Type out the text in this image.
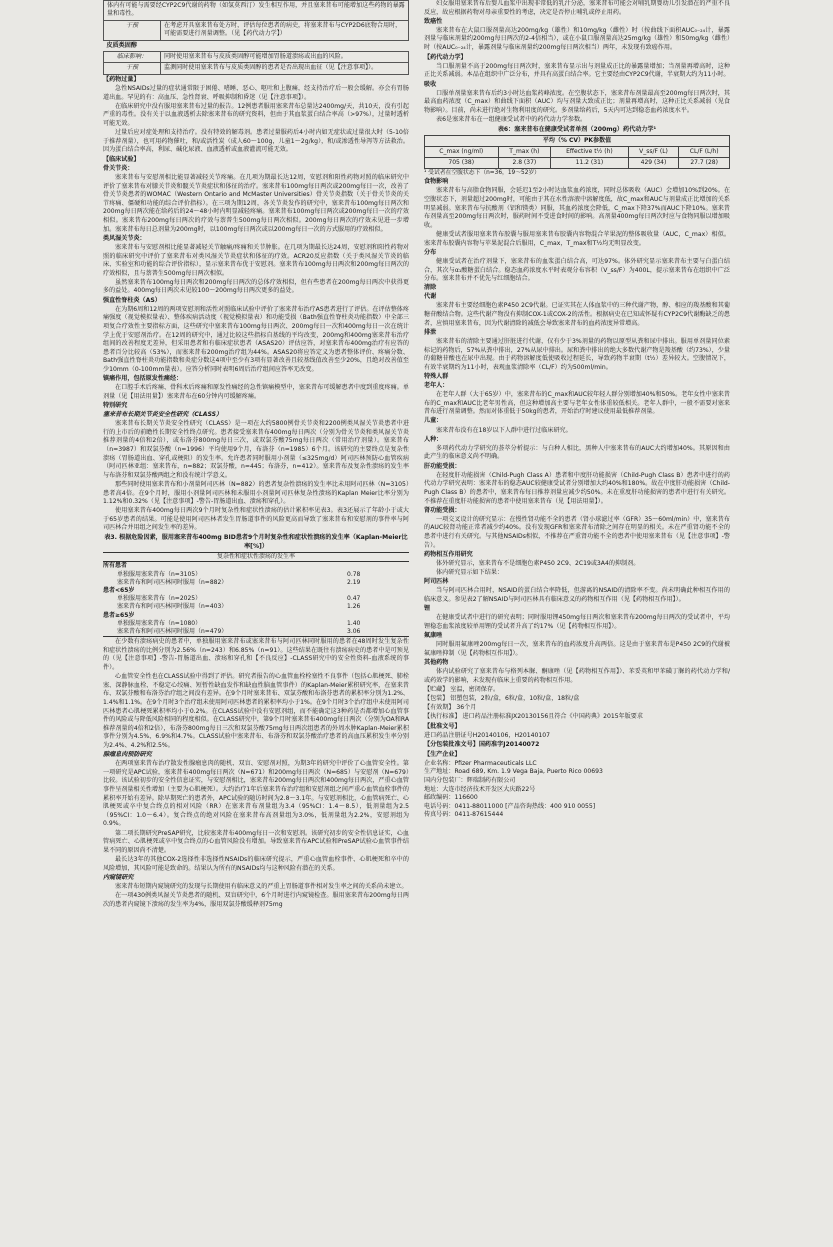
体内有可能与需要经CYP2C9代谢的药物（如氢莫西汀）发生相互作用，并且塞来昔布可能增加这些药物的暴露量和毒性。	
干预	在考虑开具塞来昔布处方时，评估每位患者的病史，将塞来昔布与CYP2D6底物合用时，可能需要进行剂量调整。（见【药代动力学】）
皮质类固醇	
临床影响：	同时使用塞来昔布与皮质类固醇可能增加胃肠道溃疡或出血的风险。
干预	监测同时使用塞来昔布与皮质类固醇的患者是否出现出血征（见【注意事项】）。
【药物过量】

急性NSAIDs过量的症状通常限于困倦、嗜睡、恶心、呕吐和上腹痛，经支持治疗后一般会缓解。亦会有胃肠道出血。罕见的有：高血压、急性肾衰、呼吸抑制和昏迷（见【注意事项】）。

在临床研究中没有服用塞来昔布过量的报告。12例患者服用塞来昔布总量达2400mg/天，共10天，没有引起严重的毒性。没有关于以血液透析去除塞来昔布的研究资料，但由于其血浆蛋白结合率高（>97%），过量时透析可能无效。

过量后应对症处理和支持治疗。没有特效的解毒剂。患者过量服药后4小时内如无症状或过量很大时（5-10倍于推荐剂量），也可用药物催吐，和/或活性炭（成人60～100g，儿童1～2g/kg），和/或渗透性导泻等方法救治。因为蛋白结合率高，利尿、碱化尿液、血液透析或血液灌流可能无效。

【临床试验】
骨关节炎：

塞来昔布与安慰剂相比能显著减轻关节疼痛。在几项为期最长达12周，安慰剂和阳性药物对照的临床研究中评价了塞来昔布对膝关节炎和髋关节炎症状和体征的治疗。塞来昔布100mg每日两次或200mg每日一次，改善了骨关节炎患者的WOMAC（Western Ontario and McMaster Universities）骨关节炎指数（关于骨关节炎的关节疼痛、僵硬和功能的综合评价指标）。在三项为期12周，各关节炎发作的研究中，塞来昔布100mg每日两次和200mg每日两次能在给药后的24～48小时内明显减轻疼痛。塞来昔布100mg每日两次或200mg每日一次的疗效相似。塞来昔布200mg每日两次的疗效与萘普生500mg每日两次相似。200mg每日两次的疗效未见进一步增加。塞来昔布每日总剂量为200mg时，以100mg每日两次或以200mg每日一次的方式服用的疗效相似。

类风湿关节炎：

塞来昔布与安慰剂相比能显著减轻关节触痛/疼痛和关节肿胀。在几项为期最长达24周，安慰剂和阳性药物对照的临床研究中评价了塞来昔布对类风湿关节炎症状和体征的疗效。ACR20反应指数（关于类风湿关节炎的临床、实验室和功能的综合评价指标），显示塞来昔布优于安慰剂。塞来昔布100mg每日两次和200mg每日两次的疗效相似，且与萘普生500mg每日两次相似。

虽然塞来昔布100mg每日两次和200mg每日两次的总体疗效相似，但有些患者在200mg每日两次中获得更多的益处。400mg每日两次未见较100～200mg每日两次更多的益处。

强直性脊柱炎（AS）

在为期6周和12周的两项安慰剂和活性对照临床试验中评价了塞来昔布治疗AS患者进行了评估。在评估整体疼痛强度（视觉模拟量表）、整体疾病活动度（视觉模拟量表）和功能受损（Bath强直性脊柱炎功能指数）中全部三项复合疗效性主要指标方面，这些研究中塞来昔布100mg每日两次、200mg每日一次和400mg每日一次在统计学上优于安慰剂治疗。在12周的研究中，通过比较这些指标自基线的平均改变，200mg和400mg塞来昔布治疗组间的改善程度无差异，但采用患者和有临床症状患者（ASAS20）评估应答，对塞来昔布400mg治疗有应答的患者百分比较高（53%），而塞来昔布200mg治疗组为44%。ASAS20将应答定义为患者整体评价、疼痛分数、Bath强直性脊柱炎功能指数和炎症分数这4项中至少有3项有显著改善且较基线值改善至少20%，且绝对改善值至少10mm（0-100mm量表）。应答分析同时表明6周后治疗组间应答率无改变。

镇痛作用，包括原发性痛经：

在口腔手术后疼痛、骨科术后疼痛和原发性痛经的急性镇痛模型中，塞来昔布可缓解患者中度到重度疼痛。单剂量（见【用法用量】）塞来昔布在60分钟内可缓解疼痛。

特别研究
塞来昔布长期关节炎安全性研究（CLASS）

塞来昔布长期关节炎安全性研究（CLASS）是一项在大约5800例骨关节炎和2200例类风湿关节炎患者中进行的上市后的前瞻性长期安全性终点研究。患者接受塞来昔布400mg每日两次（分别为骨关节炎和类风湿关节炎推荐剂量的4倍和2倍），或布洛芬800mg每日三次，或双氯芬酸75mg每日两次（常用治疗剂量）。塞来昔布（n=3987）和双氯芬酸（n=1996）平均使用9个月，布洛芬（n=1985）6个月。该研究的主要终点是复杂性溃疡（胃肠道出血、穿孔或梗阻）的发生率。允许患者同时服用小剂量（≤325mg/d）阿司匹林预防心血管疾病（阿司匹林亚组：塞来昔布，n=882；双氯芬酸，n=445；布洛芬，n=412）。塞来昔布及复杂性溃疡的发生率与布洛芬和双氯芬酸两组之和没有统计学意义。

那些同时使用塞来昔布和小剂量阿司匹林（N=882）的患者复杂性溃疡的发生率比未用阿司匹林（N=3105）患者高4倍。在9个月时，服用小剂量阿司匹林和未服用小剂量阿司匹林复杂性溃疡的Kaplan Meier比率分别为1.12%和0.32%（见【注意事项】-警告-胃肠道出血、溃疡和穿孔）。

使用塞来昔布400mg每日两次9个月时复杂性和症状性溃疡的估计累积率见表3。表3还展示了年龄小于或大于65岁患者的结果。可能是使用阿司匹林者发生胃肠道事件的风险更高而导致了塞来昔布和安慰剂的事件率与阿司匹林合并用组之间发生率的差异。

表3. 根据危险因素，服用塞来昔布400mg BID患者9个月时复杂性和症状性溃疡的发生率（Kaplan-Meier比率[%]）
复杂性和症状性溃疡的发生率	
所有患者	
单独服用塞来昔布（n=3105）	0.78
塞来昔布和阿司匹林同时服用（n=882）	2.19
患者<65岁	
单独服用塞来昔布（n=2025）	0.47
塞来昔布和阿司匹林同时服用（n=403）	1.26
患者≥65岁	
单独服用塞来昔布（n=1080）	1.40
塞来昔布和阿司匹林同时服用（n=479）	3.06

在少数有溃疡病史的患者中，单独服用塞来昔布或塞来昔布与阿司匹林同时服用的患者在48周时发生复杂性和症状性溃疡的比例分别为2.56%（n=243）和6.85%（n=91）。这些结果在既往有溃疡病史的患者中是可预见的（见【注意事项】-警告-胃肠道出血、溃疡和穿孔和【不良反应】-CLASS研究中的安全性资料-血液系统的事件）。

心血管安全性也在CLASS试验中得到了评估。研究者报告的心血管血栓栓塞性不良事件（包括心肌梗死、肺栓塞、深静脉血栓、不稳定心绞痛、短暂性缺血发作和缺血性脑血管事件）的Kaplan-Meier累积研究率，在塞来昔布、双氯芬酸和布洛芬治疗组之间没有差异。在9个月时塞来昔布、双氯芬酸和布洛芬患者的累积率分别为1.2%、1.4%和1.1%。在9个月时3个治疗组未使用阿司匹林患者的累积率均小于1%。在9个月时3个治疗组中未使用阿司匹林患者心肌梗死累积率均小于0.2%。在CLASS试验中没有安慰剂组，而不能确定这3种药是否都增加心血管事件的风险或与降低风险相同的程度相似。在CLASS研究中，第9个月时塞来昔布400mg每日两次（分别为OA和RA推荐剂量的4倍和2倍），布洛芬800mg每日三次和双氯芬酸75mg每日两次组患者的外周水肿Kaplan-Meier累积事件分别为4.5%、6.9%和4.7%。CLASS试验中塞来昔布、布洛芬和双氯芬酸治疗患者的高血压累积发生率分别为2.4%、4.2%和2.5%。

腺瘤息肉预防研究

在两项塞来昔布治疗散发性腺瘤息肉的随机、双盲、安慰剂对照，为期3年的研究中评价了心血管安全性。第一项研究是APC试验，塞来昔布400mg每日两次（N=671）和200mg每日两次（N=685）与安慰剂（N=679）比较。该试验初步的安全性信息证实，与安慰剂相比，塞来昔布200mg每日两次和400mg每日两次，严重心血管事件呈剂量相关性增加（主要为心肌梗死）。大约治疗1年后塞来昔布治疗组和安慰剂组之间严重心血管血栓事件的累积率开始有差异。除早期死亡的患者外，APC试验的随访时间为2.8～3.1年。与安慰剂相比，心血管病死亡、心肌梗死或卒中复合终点的相对风险（RR）在塞来昔布剂量组为3.4（95%CI：1.4～8.5），低剂量组为2.5（95%CI：1.0～6.4）。复合终点的绝对风险在塞来昔布高剂量组为3.0%，低剂量组为2.2%，安慰剂组为0.9%。

第二项长期研究PreSAP研究，比较塞来昔布400mg每日一次和安慰剂。该研究初步的安全性信息证实，心血管病死亡、心肌梗死或卒中复合终点的心血管风险没有增加。导致塞来昔布APC试验和PreSAP试验心血管事件结果不同的原因尚不清楚。

最长达3年的其他COX-2选择性非选择性NSAIDs的临床研究提示，严重心血管血栓事件、心肌梗死和卒中的风险增加，其风险可能是致命的。结果认为所有的NSAIDs均与这种风险有潜在的关系。

内窥镜研究

塞来昔布短期内窥镜研究的发现与长期使用有临床意义的严重上胃肠道事件相对发生率之间的关系尚未建立。

在一项430例类风湿关节炎患者的随机、双盲研究中，6个月时进行内窥镜检查。服用塞来昔布200mg每日两次的患者内窥镜下溃疡的发生率为4%，服用双氯芬酸缓释剂75mg

妇女服用塞来昔布后婴儿血浆中出现非常低的乳汁分泌，塞来昔布可能会对哺乳期婴幼儿引发潜在的严重不良反应，故应根据药物对母亲重要性的考虑，决定是否停止哺乳或停止用药。

致癌性

塞来昔布在大鼠口服剂量高达200mg/kg（雄性）和10mg/kg（雌性）时（按曲线下面积AUC₀₋₂₄计，暴露剂量与临床剂量约200mg每日两次的2-4倍相当），或在小鼠口服剂量高达25mg/kg（雄性）和50mg/kg（雌性）时（按AUC₀₋₂₄计，暴露剂量与临床剂量约200mg每日两次相当）两年，未发现有致癌作用。

【药代动力学】

当口服剂量不高于200mg每日两次时，塞来昔布显示出与剂量成正比的暴露量增加；当剂量再增高时，这种正比关系减弱。本品在组织中广泛分布，并具有高蛋白结合率。它主要经由CYP2C9代谢，半衰期大约为11小时。

吸收

口服单剂量塞来昔布后约3小时达血浆药峰浓度。在空腹状态下，塞来昔布剂量最高至200mg每日两次时，其最高血药浓度（C_max）和曲线下面积（AUC）均与剂量大致成正比；剂量再增高时，这种正比关系减弱（见食物影响）。目前，尚未进行绝对生物利用度的研究。多剂量给药后，5天内可达到稳态血药浓度水平。

表6是塞来昔布在一组健康受试者中的药代动力学参数。

表6：塞来昔布在健康受试者单剂（200mg）药代动力学¹
平均（% CV）PK参数值				
C_max (ng/ml)	T_max (h)	Effective t½ (h)	V_ss/F (L)	CL/F (L/h)
705 (38)	2.8 (37)	11.2 (31)	429 (34)	27.7 (28)

¹ 受试者在空腹状态下（n=36，19～52岁）

食物影响

塞来昔布与高脂食物同服，会延迟1至2小时达血浆血药浓度，同时总体吸收（AUC）会增加10%到20%。在空腹状态下，剂量超过200mg时，可能由于其在水性溶液中溶解度低，故C_max和AUC与剂量成正比增加的关系明显减弱。塞来昔布与抗酸剂（铝和镁类）同服，其血药浓度会降低，C_max下降37%而AUC下降10%。塞来昔布剂量高至200mg每日两次时，服药时间不受进食时间的影响。高剂量400mg每日两次时应与食物同服以增加吸收。

健康受试者服用塞来昔布胶囊与服用塞来昔布胶囊内容物混合苹果泥的整体吸收量（AUC，C_max）相似。塞来昔布胶囊内容物与苹果泥混合后服用，C_max，T_max和T½均无明显改变。

分布

健康受试者在治疗剂量下，塞来昔布的血浆蛋白结合高，可达97%。体外研究显示塞来昔布主要与白蛋白结合，其次与α₁酸糖蛋白结合。稳态血药浓度水平时表观分布容积（V_ss/F）为400L，提示塞来昔布在组织中广泛分布。塞来昔布并不优先与红细胞结合。

清除
代谢

塞来昔布主要经细胞色素P450 2C9代谢。已证实其在人体血浆中的三种代谢产物，醇、相应的羧基酸和其葡糖苷酸结合物。这些代谢产物没有抑制COX-1或COX-2的活性。根据病史在已知或怀疑有CYP2C9代谢酶缺乏的患者，应慎用塞来昔布，因为代谢清除的减低会导致塞来昔布的血药浓度异常增高。

排泄

塞来昔布的清除主要通过肝脏进行代谢，仅有少于3%剂量的药物以原型从粪和尿中排出。服用单剂量同位素标记的药物后，57%从粪中排出，27%从尿中排出。尿和粪中排出的绝大多数代谢产物是羧基酸（约73%），少量的葡糖苷酸也在尿中出现。由于药物溶解度低使吸收过程延长，导致药物半衰期（t½）差异较大。空腹情况下，有效半衰期约为11小时，表观血浆清除率（CL/F）约为500ml/min。

特殊人群
老年人：

在老年人群（大于65岁）中，塞来昔布的C_max和AUC较年轻人群分别增加40%和50%。老年女性中塞来昔布的C_max和AUC比老年男性高，但这种增加高主要与老年女性体重较低相关。老年人群中，一般不需要对塞来昔布进行剂量调整。然而对体重低于50kg的患者，开始治疗时建议使用最低推荐剂量。

儿童：

塞来昔布没有在18岁以下人群中进行过临床研究。

人种：

多项药代动力学研究的荟萃分析提示：与白种人相比，黑种人中塞来昔布的AUC大约增加40%。其原因和由此产生的临床意义尚不明确。

肝功能受损：

在轻度肝功能损害（Child-Pugh Class A）患者和中度肝功能损害（Child-Pugh Class B）患者中进行的药代动力学研究表明：塞来昔布的稳态AUC较健康受试者分别增加大约40%和180%。故在中度肝功能损害（Child-Pugh Class B）的患者中，塞来昔布每日推荐剂量应减少约50%。未在重度肝功能损害的患者中进行有关研究。不推荐在重度肝功能损害的患者中使用塞来昔布（见【用法用量】）。

肾功能受损：

一项交叉设计的研究显示：在慢性肾功能不全的患者（肾小球滤过率（GFR）35～60ml/min）中，塞来昔布的AUC较肾功能正常者减少约40%。没有发现GFR和塞来昔布清除之间存在明显的相关。未在严重肾功能不全的患者中进行有关研究。与其他NSAIDs相似，不推荐在严重肾功能不全的患者中使用塞来昔布（见【注意事项】-警告）。

药物相互作用研究

体外研究显示，塞来昔布不是细胞色素P450 2C9、2C19或3A4的抑制剂。

体内研究显示如下结果：

阿司匹林

当与阿司匹林合用时，NSAID的蛋白结合率降低，但游离的NSAID的清除率不变。尚未明确此种相互作用的临床意义。参见表2了解NSAID与阿司匹林具有临床意义的药物相互作用（见【药物相互作用】）。

锂

在健康受试者中进行的研究表明；同时服用锂450mg每日两次和塞来昔布200mg每日两次的受试者中，平均锂稳态血浆浓度较单用锂的受试者升高了约17%（见【药物相互作用】）。

氟康唑

同时服用氟康唑200mg每日一次，塞来昔布的血药浓度升高两倍。这是由于塞来昔布是P450 2C9的代谢被氟康唑抑制（见【药物相互作用】）。

其他药物

体内试验研究了塞来昔布与格列本脲、酮康唑（见【药物相互作用】）、苯妥英和甲苯磺丁脲的药代动力学和/或药效学的影响，未发现有临床上重要的药物相互作用。

【贮藏】 室温，密闭保存。

【包装】 铝塑包装，2粒/盒，6粒/盒，10粒/盒，18粒/盒

【有效期】 36个月

【执行标准】 进口药品注册标准JX20130156且符合《中国药典》2015年版要求

【批准文号】

进口药品注册证号H20140106，H20140107

【分包装批准文号】国药准字J20140072

【生产企业】

企业名称：Pfizer Pharmaceuticals LLC

生产地址：Road 689, Km. 1.9 Vega Baja, Puerto Rico 00693

国内分包装厂：辉瑞制药有限公司

地址：大连市经济技术开发区大庆路22号

邮政编码：116600

电话号码：0411-88011000 [产品咨询热线：400 910 0055]

传真号码：0411-87615444
